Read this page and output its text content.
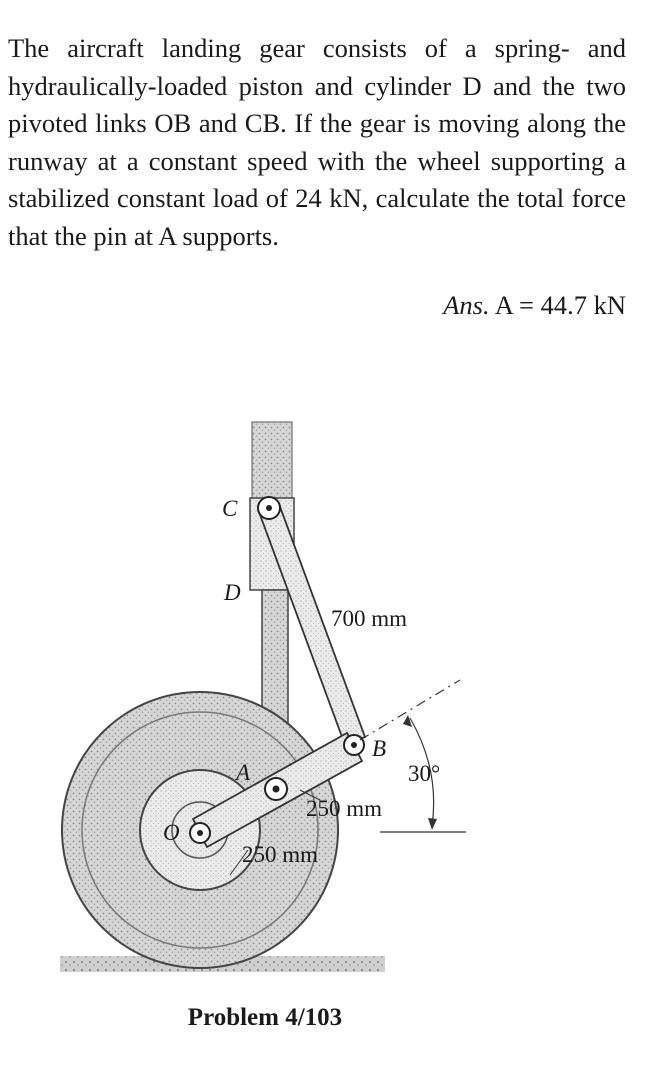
The aircraft landing gear consists of a spring- and hydraulically-loaded piston and cylinder D and the two pivoted links OB and CB. If the gear is moving along the runway at a constant speed with the wheel supporting a stabilized constant load of 24 kN, calculate the total force that the pin at A supports.

Ans. A = 44.7 kN
C
D
A
B
O
700 mm
250 mm
250 mm
30°
Problem 4/103
